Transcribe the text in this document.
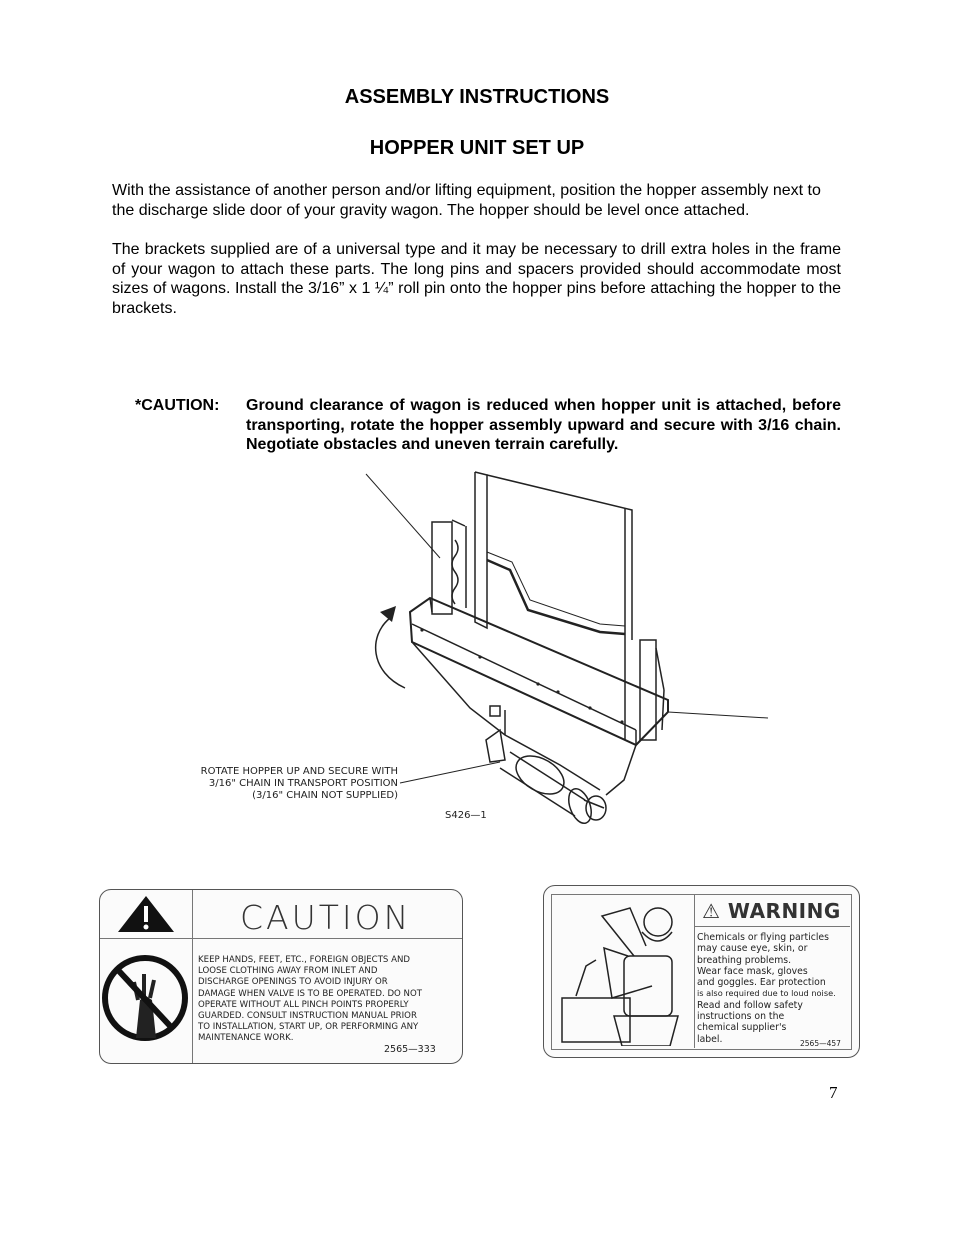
ASSEMBLY INSTRUCTIONS
HOPPER UNIT SET UP

With the assistance of another person and/or lifting equipment, position the hopper assembly next to the discharge slide door of your gravity wagon. The hopper should be level once attached.

The brackets supplied are of a universal type and it may be necessary to drill extra holes in the frame of your wagon to attach these parts. The long pins and spacers provided should accommodate most sizes of wagons. Install the 3/16” x 1 ¼” roll pin onto the hopper pins before attaching the hopper to the brackets.

*CAUTION: Ground clearance of wagon is reduced when hopper unit is attached, before transporting, rotate the hopper assembly upward and secure with 3/16 chain. Negotiate obstacles and uneven terrain carefully.
ROTATE HOPPER UP AND SECURE WITH
3/16" CHAIN IN TRANSPORT POSITION
(3/16" CHAIN NOT SUPPLIED)
S426—1
CAUTION
KEEP HANDS, FEET, ETC., FOREIGN OBJECTS AND
LOOSE CLOTHING AWAY FROM INLET AND
DISCHARGE OPENINGS TO AVOID INJURY OR
DAMAGE WHEN VALVE IS TO BE OPERATED. DO NOT
OPERATE WITHOUT ALL PINCH POINTS PROPERLY
GUARDED. CONSULT INSTRUCTION MANUAL PRIOR
TO INSTALLATION, START UP, OR PERFORMING ANY
MAINTENANCE WORK.
2565—333
⚠ WARNING
Chemicals or flying particles
may cause eye, skin, or
breathing problems.
Wear face mask, gloves
and goggles. Ear protection
is also required due to loud noise.
Read and follow safety
instructions on the
chemical supplier's
label.	2565—457
7
